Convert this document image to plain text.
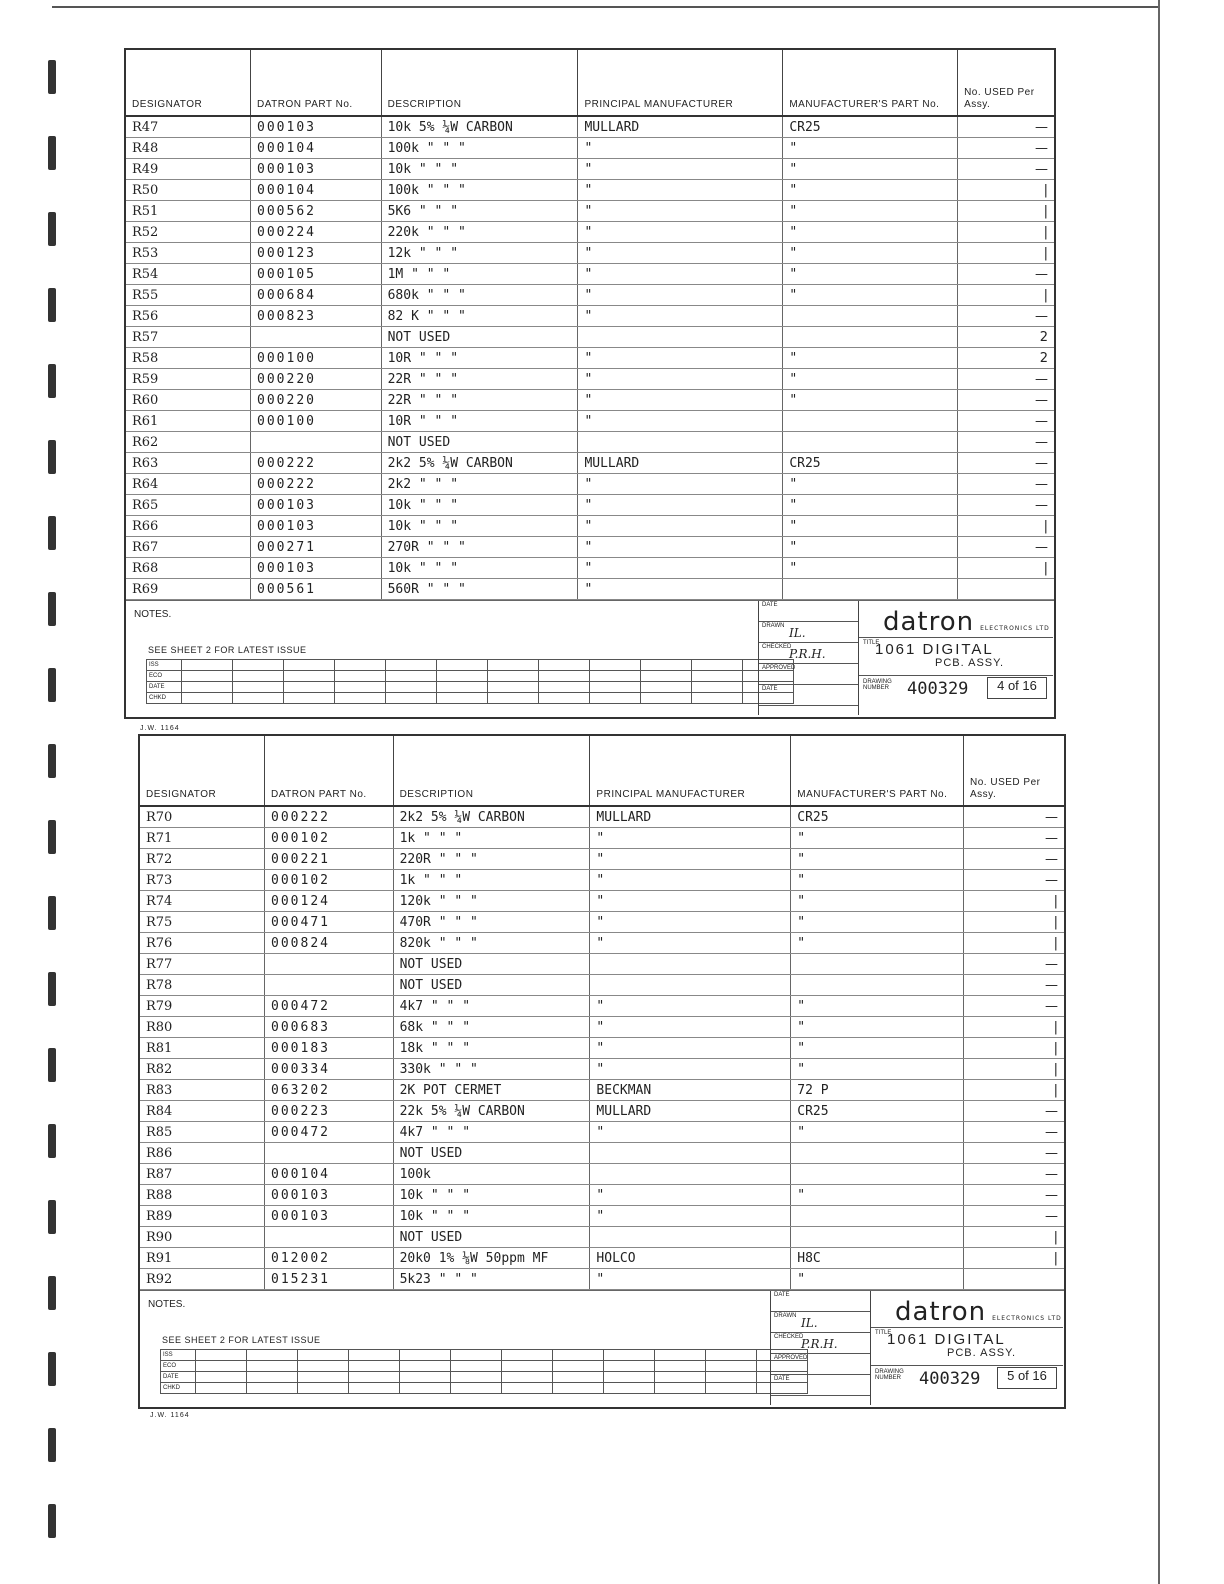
DESIGNATOR	DATRON PART No.	DESCRIPTION	PRINCIPAL MANUFACTURER	MANUFACTURER'S PART No.	No. USED Per Assy.
R47	000103	10k 5% ¼W CARBON	MULLARD	CR25	—
R48	000104	100k " " "	"	"	—
R49	000103	10k " " "	"	"	—
R50	000104	100k " " "	"	"	|
R51	000562	5K6 " " "	"	"	|
R52	000224	220k " " "	"	"	|
R53	000123	12k " " "	"	"	|
R54	000105	1M " " "	"	"	—
R55	000684	680k " " "	"	"	|
R56	000823	82 K " " "	"		—
R57		NOT USED			2
R58	000100	10R " " "	"	"	2
R59	000220	22R " " "	"	"	—
R60	000220	22R " " "	"	"	—
R61	000100	10R " " "	"		—
R62		NOT USED			—
R63	000222	2k2 5% ¼W CARBON	MULLARD	CR25	—
R64	000222	2k2 " " "	"	"	—
R65	000103	10k " " "	"	"	—
R66	000103	10k " " "	"	"	|
R67	000271	270R " " "	"	"	—
R68	000103	10k " " "	"	"	|
R69	000561	560R " " "	"		
NOTES.
SEE SHEET 2 FOR LATEST ISSUE
ISS												
ECO												
DATE												
CHKD												
DATE
DRAWN IL.
CHECKED
P.R.H.
APPROVED
DATE
datron ELECTRONICS LTD
TITLE
1061 DIGITAL
PCB. ASSY.
DRAWING NUMBER	400329	4 of 16
J.W. 1164
DESIGNATOR	DATRON PART No.	DESCRIPTION	PRINCIPAL MANUFACTURER	MANUFACTURER'S PART No.	No. USED Per Assy.
R70	000222	2k2 5% ¼W CARBON	MULLARD	CR25	—
R71	000102	1k " " "	"	"	—
R72	000221	220R " " "	"	"	—
R73	000102	1k " " "	"	"	—
R74	000124	120k " " "	"	"	|
R75	000471	470R " " "	"	"	|
R76	000824	820k " " "	"	"	|
R77		NOT USED			—
R78		NOT USED			—
R79	000472	4k7 " " "	"	"	—
R80	000683	68k " " "	"	"	|
R81	000183	18k " " "	"	"	|
R82	000334	330k " " "	"	"	|
R83	063202	2K POT CERMET	BECKMAN	72 P	|
R84	000223	22k 5% ¼W CARBON	MULLARD	CR25	—
R85	000472	4k7 " " "	"	"	—
R86		NOT USED			—
R87	000104	100k			—
R88	000103	10k " " "	"	"	—
R89	000103	10k " " "	"		—
R90		NOT USED			|
R91	012002	20k0 1% ⅛W 50ppm MF	HOLCO	H8C	|
R92	015231	5k23 " " "	"	"	
NOTES.
SEE SHEET 2 FOR LATEST ISSUE
ISS												
ECO												
DATE												
CHKD												
DATE
DRAWN IL.
CHECKED
P.R.H.
APPROVED
DATE
datron ELECTRONICS LTD
TITLE
1061 DIGITAL
PCB. ASSY.
DRAWING NUMBER	400329	5 of 16
J.W. 1164
